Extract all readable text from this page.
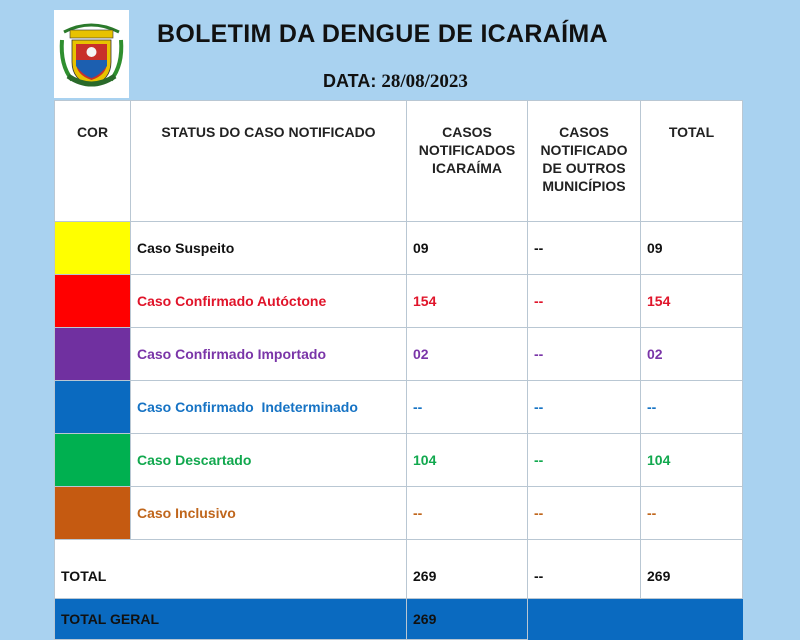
BOLETIM DA DENGUE DE ICARAÍMA
DATA: 28/08/2023
COR	STATUS DO CASO NOTIFICADO	CASOS NOTIFICADOS ICARAÍMA	CASOS NOTIFICADO DE OUTROS MUNICÍPIOS	TOTAL

	Caso Suspeito	09	--	09

	Caso Confirmado Autóctone	154	--	154

	Caso Confirmado Importado	02	--	02

	Caso Confirmado  Indeterminado	--	--	--

	Caso Descartado	104	--	104

	Caso Inclusivo	--	--	--
TOTAL		269	--	269
TOTAL GERAL		269		
